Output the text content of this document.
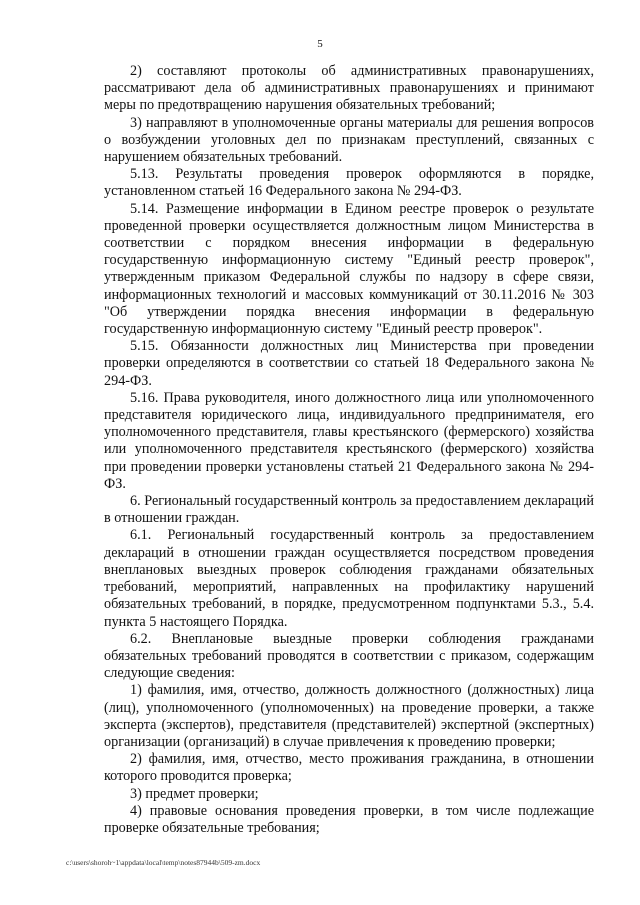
5

2) составляют протоколы об административных правонарушениях, рассматривают дела об административных правонарушениях и принимают меры по предотвращению нарушения обязательных требований;

3) направляют в уполномоченные органы материалы для решения вопросов о возбуждении уголовных дел по признакам преступлений, связанных с нарушением обязательных требований.

5.13. Результаты проведения проверок оформляются в порядке, установленном статьей 16 Федерального закона № 294-ФЗ.

5.14. Размещение информации в Едином реестре проверок о результате проведенной проверки осуществляется должностным лицом Министерства в соответствии с порядком внесения информации в федеральную государственную информационную систему "Единый реестр проверок", утвержденным приказом Федеральной службы по надзору в сфере связи, информационных технологий и массовых коммуникаций от 30.11.2016 № 303 "Об утверждении порядка внесения информации в федеральную государственную информационную систему "Единый реестр проверок".

5.15. Обязанности должностных лиц Министерства при проведении проверки определяются в соответствии со статьей 18 Федерального закона № 294-ФЗ.

5.16. Права руководителя, иного должностного лица или уполномоченного представителя юридического лица, индивидуального предпринимателя, его уполномоченного представителя, главы крестьянского (фермерского) хозяйства или уполномоченного представителя крестьянского (фермерского) хозяйства при проведении проверки установлены статьей 21 Федерального закона № 294-ФЗ.

6. Региональный государственный контроль за предоставлением деклараций в отношении граждан.

6.1. Региональный государственный контроль за предоставлением деклараций в отношении граждан осуществляется посредством проведения внеплановых выездных проверок соблюдения гражданами обязательных требований, мероприятий, направленных на профилактику нарушений обязательных требований, в порядке, предусмотренном подпунктами 5.3., 5.4. пункта 5 настоящего Порядка.

6.2. Внеплановые выездные проверки соблюдения гражданами обязательных требований проводятся в соответствии с приказом, содержащим следующие сведения:

1) фамилия, имя, отчество, должность должностного (должностных) лица (лиц), уполномоченного (уполномоченных) на проведение проверки, а также эксперта (экспертов), представителя (представителей) экспертной (экспертных) организации (организаций) в случае привлечения к проведению проверки;

2) фамилия, имя, отчество, место проживания гражданина, в отношении которого проводится проверка;

3) предмет проверки;

4) правовые основания проведения проверки, в том числе подлежащие проверке обязательные требования;

c:\users\shoroh~1\appdata\local\temp\notes87944b\509-zm.docx
